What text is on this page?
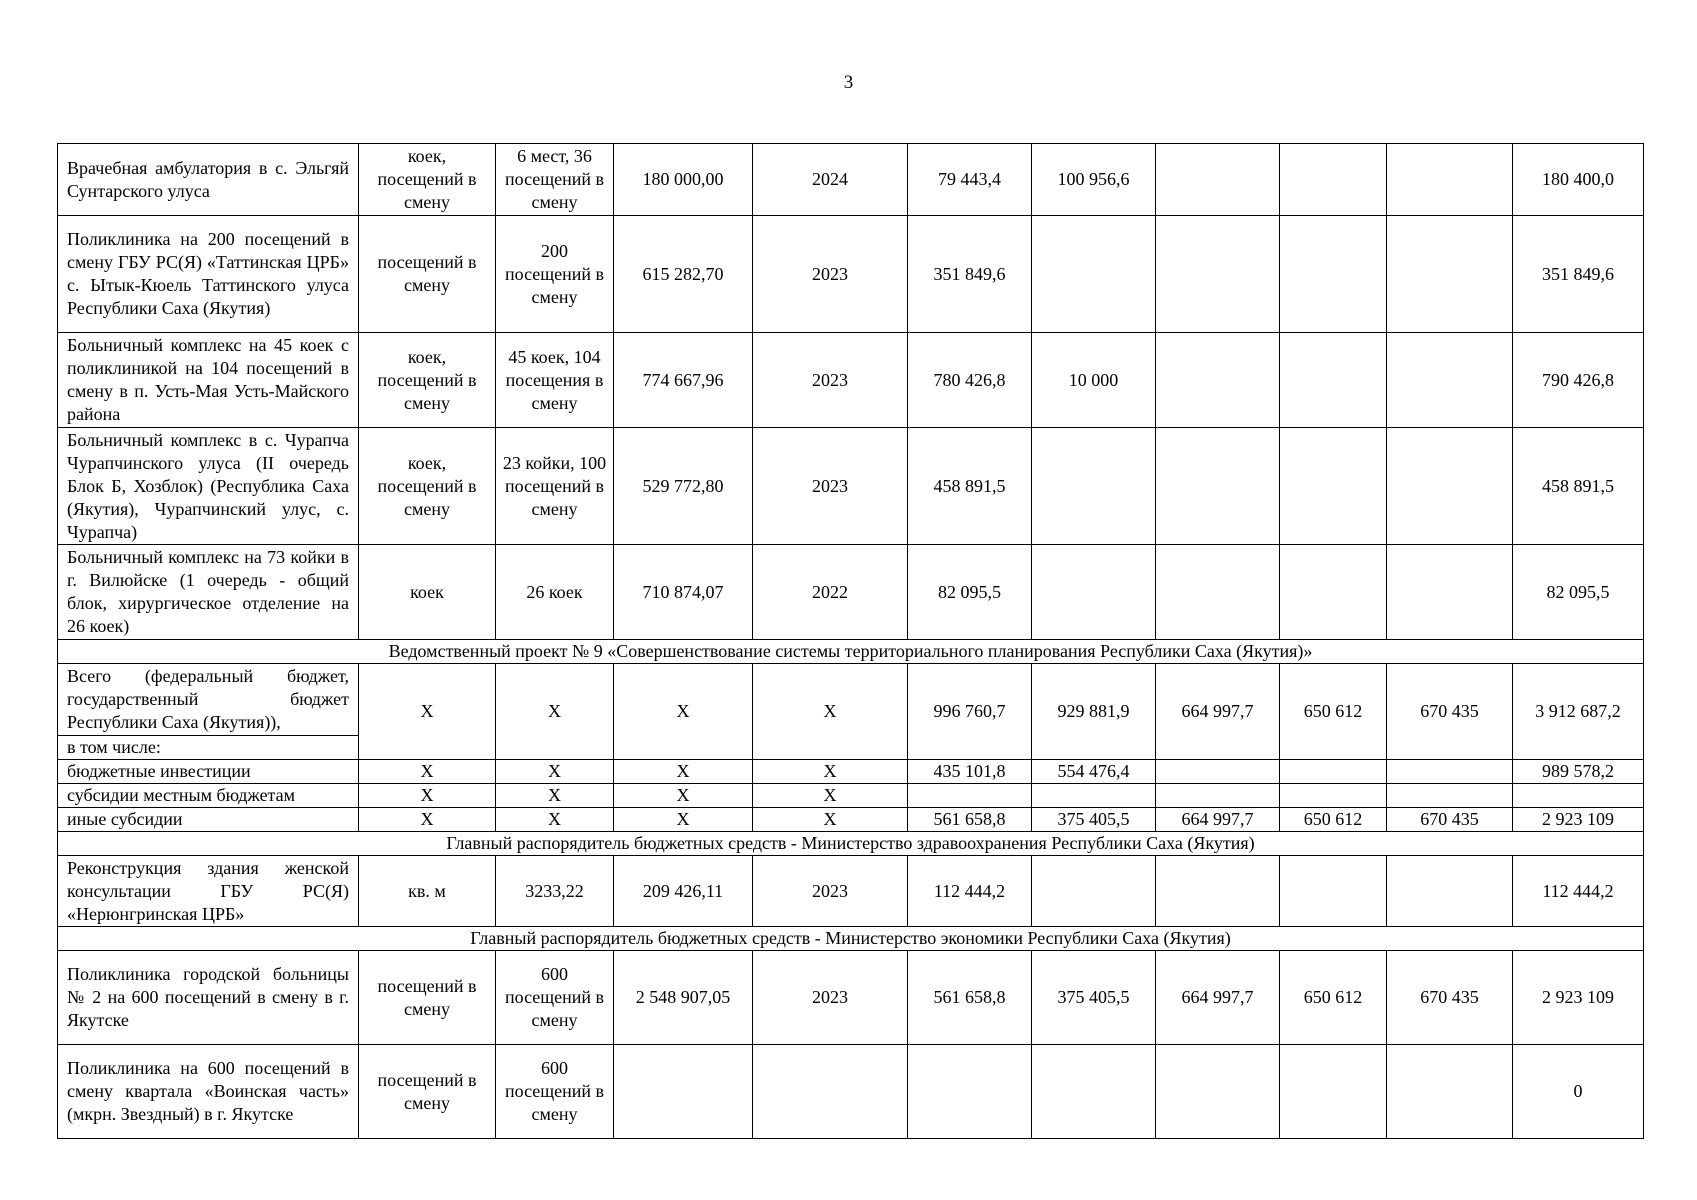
3
Врачебная амбулатория в с. Эльгяй Сунтарского улуса	коек, посещений в смену	6 мест, 36 посещений в смену	180 000,00	2024	79 443,4	100 956,6				180 400,0
Поликлиника на 200 посещений в смену ГБУ РС(Я) «Таттинская ЦРБ» с. Ытык-Кюель Таттинского улуса Республики Саха (Якутия)	посещений в смену	200 посещений в смену	615 282,70	2023	351 849,6					351 849,6
Больничный комплекс на 45 коек с поликлиникой на 104 посещений в смену в п. Усть-Мая Усть-Майского района	коек, посещений в смену	45 коек, 104 посещения в смену	774 667,96	2023	780 426,8	10 000				790 426,8
Больничный комплекс в с. Чурапча Чурапчинского улуса (II очередь Блок Б, Хозблок) (Республика Саха (Якутия), Чурапчинский улус, с. Чурапча)	коек, посещений в смену	23 койки, 100 посещений в смену	529 772,80	2023	458 891,5					458 891,5
Больничный комплекс на 73 койки в г. Вилюйске (1 очередь - общий блок, хирургическое отделение на 26 коек)	коек	26 коек	710 874,07	2022	82 095,5					82 095,5
Ведомственный проект № 9 «Совершенствование системы территориального планирования Республики Саха (Якутия)»										
Всего (федеральный бюджет, государственный бюджет Республики Саха (Якутия)),	Х	Х	Х	Х	996 760,7	929 881,9	664 997,7	650 612	670 435	3 912 687,2
в том числе:										
бюджетные инвестиции	Х	Х	Х	Х	435 101,8	554 476,4				989 578,2
субсидии местным бюджетам	Х	Х	Х	Х						
иные субсидии	Х	Х	Х	Х	561 658,8	375 405,5	664 997,7	650 612	670 435	2 923 109
Главный распорядитель бюджетных средств - Министерство здравоохранения Республики Саха (Якутия)										
Реконструкция здания женской консультации ГБУ РС(Я) «Нерюнгринская ЦРБ»	кв. м	3233,22	209 426,11	2023	112 444,2					112 444,2
Главный распорядитель бюджетных средств - Министерство экономики Республики Саха (Якутия)										
Поликлиника городской больницы № 2 на 600 посещений в смену в г. Якутске	посещений в смену	600 посещений в смену	2 548 907,05	2023	561 658,8	375 405,5	664 997,7	650 612	670 435	2 923 109
Поликлиника на 600 посещений в смену квартала «Воинская часть» (мкрн. Звездный) в г. Якутске	посещений в смену	600 посещений в смену								0
